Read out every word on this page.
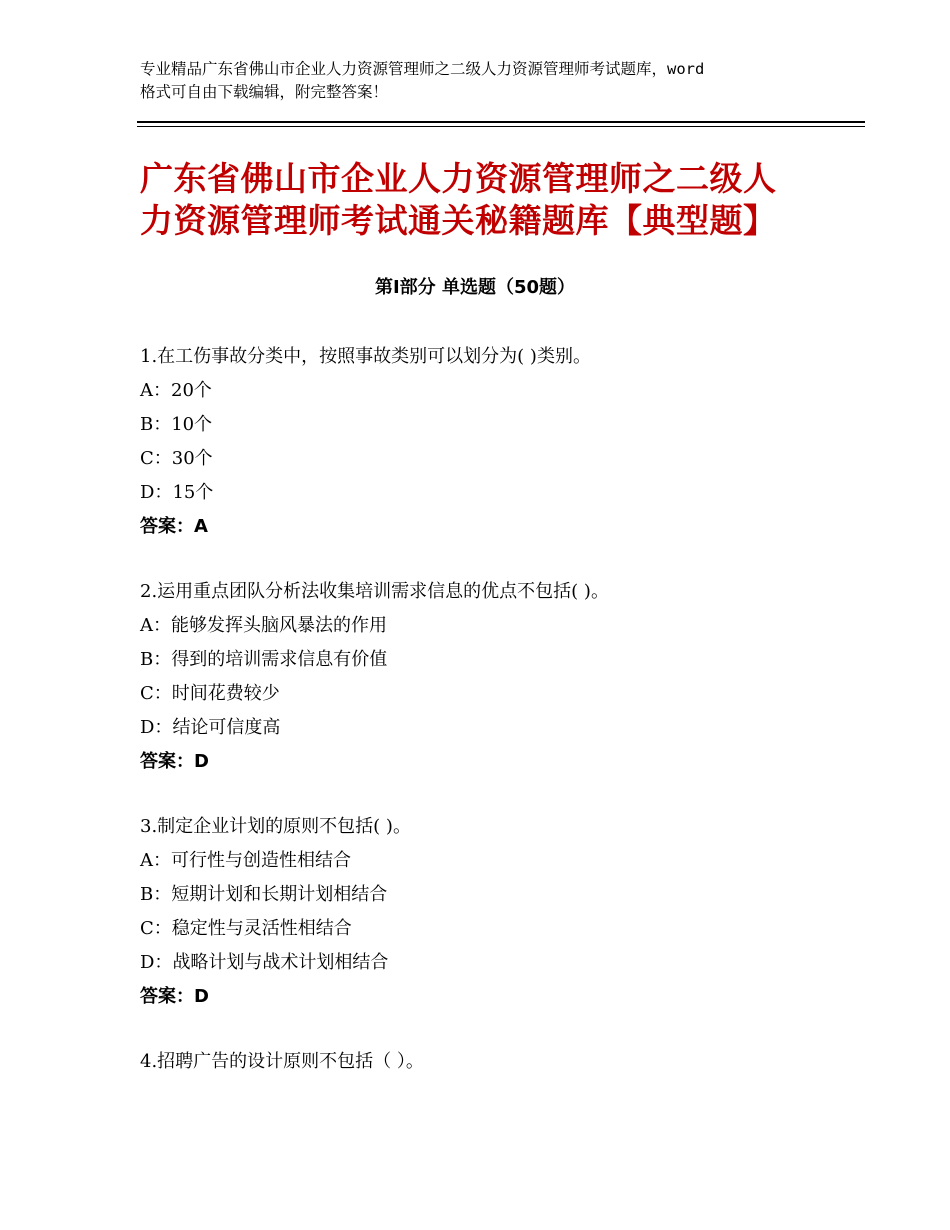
专业精品广东省佛山市企业人力资源管理师之二级人力资源管理师考试题库，word
格式可自由下载编辑，附完整答案！
广东省佛山市企业人力资源管理师之二级人
力资源管理师考试通关秘籍题库【典型题】
第Ⅰ部分 单选题（50题）
1.在工伤事故分类中，按照事故类别可以划分为( )类别。
A：20个
B：10个
C：30个
D：15个
答案：A
2.运用重点团队分析法收集培训需求信息的优点不包括( )。
A：能够发挥头脑风暴法的作用
B：得到的培训需求信息有价值
C：时间花费较少
D：结论可信度高
答案：D
3.制定企业计划的原则不包括( )。
A：可行性与创造性相结合
B：短期计划和长期计划相结合
C：稳定性与灵活性相结合
D：战略计划与战术计划相结合
答案：D
4.招聘广告的设计原则不包括（ ）。
